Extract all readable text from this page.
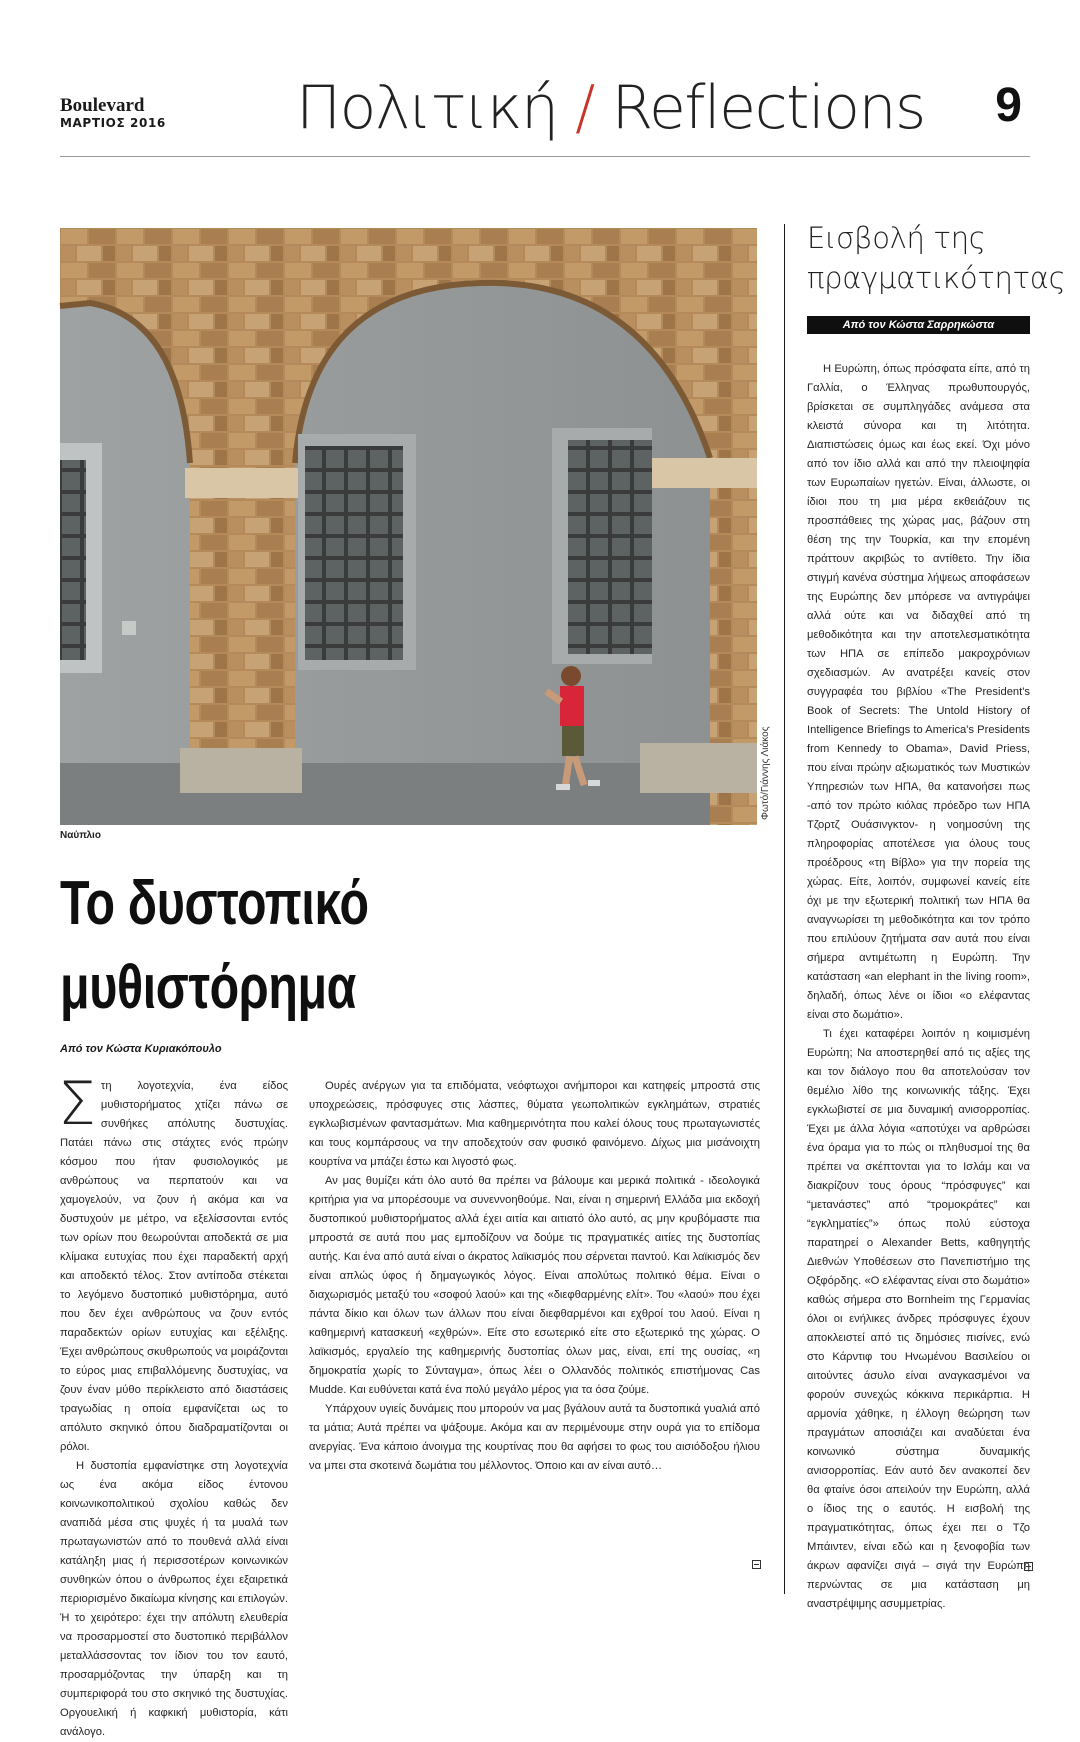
Boulevard
ΜΑΡΤΙΟΣ 2016 Πολιτική / Reflections 9
Φωτό/Γιάννης Λιάκος
Ναύπλιο
Το δυστοπικό
μυθιστόρημα
Από τον Κώστα Κυριακόπουλο

Στη λογοτεχνία, ένα είδος μυθιστορήματος χτίζει πάνω σε συνθήκες απόλυτης δυστυχίας. Πατάει πάνω στις στάχτες ενός πρώην κόσμου που ήταν φυσιολογικός με ανθρώπους να περπατούν και να χαμογελούν, να ζουν ή ακόμα και να δυστυχούν με μέτρο, να εξελίσσονται εντός των ορίων που θεωρούνται αποδεκτά σε μια κλίμακα ευτυχίας που έχει παραδεκτή αρχή και αποδεκτό τέλος. Στον αντίποδα στέκεται το λεγόμενο δυστοπικό μυθιστόρημα, αυτό που δεν έχει ανθρώπους να ζουν εντός παραδεκτών ορίων ευτυχίας και εξέλιξης. Έχει ανθρώπους σκυθρωπούς να μοιράζονται το εύρος μιας επιβαλλόμενης δυστυχίας, να ζουν έναν μύθο περίκλειστο από διαστάσεις τραγωδίας η οποία εμφανίζεται ως το απόλυτο σκηνικό όπου διαδραματίζονται οι ρόλοι.

Η δυστοπία εμφανίστηκε στη λογοτεχνία ως ένα ακόμα είδος έντονου κοινωνικοπολιτικού σχολίου καθώς δεν αναπιδά μέσα στις ψυχές ή τα μυαλά των πρωταγωνιστών από το πουθενά αλλά είναι κατάληξη μιας ή περισσοτέρων κοινωνικών συνθηκών όπου ο άνθρωπος έχει εξαιρετικά περιορισμένο δικαίωμα κίνησης και επιλογών. Ή το χειρότερο: έχει την απόλυτη ελευθερία να προσαρμοστεί στο δυστοπικό περιβάλλον μεταλλάσσοντας τον ίδιον του τον εαυτό, προσαρμόζοντας την ύπαρξη και τη συμπεριφορά του στο σκηνικό της δυστυχίας. Οργουελική ή καφκική μυθιστορία, κάτι ανάλογο.

Ουρές ανέργων για τα επιδόματα, νεόφτωχοι ανήμποροι και κατηφείς μπροστά στις υποχρεώσεις, πρόσφυγες στις λάσπες, θύματα γεωπολιτικών εγκλημάτων, στρατιές εγκλωβισμένων φαντασμάτων. Μια καθημερινότητα που καλεί όλους τους πρωταγωνιστές και τους κομπάρσους να την αποδεχτούν σαν φυσικό φαινόμενο. Δίχως μια μισάνοιχτη κουρτίνα να μπάζει έστω και λιγοστό φως.

Αν μας θυμίζει κάτι όλο αυτό θα πρέπει να βάλουμε και μερικά πολιτικά - ιδεολογικά κριτήρια για να μπορέσουμε να συνεννοηθούμε. Ναι, είναι η σημερινή Ελλάδα μια εκδοχή δυστοπικού μυθιστορήματος αλλά έχει αιτία και αιτιατό όλο αυτό, ας μην κρυβόμαστε πια μπροστά σε αυτά που μας εμποδίζουν να δούμε τις πραγματικές αιτίες της δυστοπίας αυτής. Και ένα από αυτά είναι ο άκρατος λαϊκισμός που σέρνεται παντού. Και λαϊκισμός δεν είναι απλώς ύφος ή δημαγωγικός λόγος. Είναι απολύτως πολιτικό θέμα. Είναι ο διαχωρισμός μεταξύ του «σοφού λαού» και της «διεφθαρμένης ελίτ». Του «λαού» που έχει πάντα δίκιο και όλων των άλλων που είναι διεφθαρμένοι και εχθροί του λαού. Είναι η καθημερινή κατασκευή «εχθρών». Είτε στο εσωτερικό είτε στο εξωτερικό της χώρας. Ο λαϊκισμός, εργαλείο της καθημερινής δυστοπίας όλων μας, είναι, επί της ουσίας, «η δημοκρατία χωρίς το Σύνταγμα», όπως λέει ο Ολλανδός πολιτικός επιστήμονας Cas Mudde. Και ευθύνεται κατά ένα πολύ μεγάλο μέρος για τα όσα ζούμε.

Υπάρχουν υγιείς δυνάμεις που μπορούν να μας βγάλουν αυτά τα δυστοπικά γυαλιά από τα μάτια; Αυτά πρέπει να ψάξουμε. Ακόμα και αν περιμένουμε στην ουρά για το επίδομα ανεργίας. Ένα κάποιο άνοιγμα της κουρτίνας που θα αφήσει το φως του αισιόδοξου ήλιου να μπει στα σκοτεινά δωμάτια του μέλλοντος. Όποιο και αν είναι αυτό…

Εισβολή της πραγματικότητας
Από τον Κώστα Σαρρηκώστα

Η Ευρώπη, όπως πρόσφατα είπε, από τη Γαλλία, ο Έλληνας πρωθυπουργός, βρίσκεται σε συμπληγάδες ανάμεσα στα κλειστά σύνορα και τη λιτότητα. Διαπιστώσεις όμως και έως εκεί. Όχι μόνο από τον ίδιο αλλά και από την πλειοψηφία των Ευρωπαίων ηγετών. Είναι, άλλωστε, οι ίδιοι που τη μια μέρα εκθειάζουν τις προσπάθειες της χώρας μας, βάζουν στη θέση της την Τουρκία, και την επομένη πράττουν ακριβώς το αντίθετο. Την ίδια στιγμή κανένα σύστημα λήψεως αποφάσεων της Ευρώπης δεν μπόρεσε να αντιγράψει αλλά ούτε και να διδαχθεί από τη μεθοδικότητα και την αποτελεσματικότητα των ΗΠΑ σε επίπεδο μακροχρόνιων σχεδιασμών. Αν ανατρέξει κανείς στον συγγραφέα του βιβλίου «The President's Book of Secrets: The Untold History of Intelligence Briefings to America's Presidents from Kennedy to Obama», David Priess, που είναι πρώην αξιωματικός των Μυστικών Υπηρεσιών των ΗΠΑ, θα κατανοήσει πως -από τον πρώτο κιόλας πρόεδρο των ΗΠΑ Τζορτζ Ουάσινγκτον- η νοημοσύνη της πληροφορίας αποτέλεσε για όλους τους προέδρους «τη Βίβλο» για την πορεία της χώρας. Είτε, λοιπόν, συμφωνεί κανείς είτε όχι με την εξωτερική πολιτική των ΗΠΑ θα αναγνωρίσει τη μεθοδικότητα και τον τρόπο που επιλύουν ζητήματα σαν αυτά που είναι σήμερα αντιμέτωπη η Ευρώπη. Την κατάσταση «an elephant in the living room», δηλαδή, όπως λένε οι ίδιοι «ο ελέφαντας είναι στο δωμάτιο».

Τι έχει καταφέρει λοιπόν η κοιμισμένη Ευρώπη; Να αποστερηθεί από τις αξίες της και τον διάλογο που θα αποτελούσαν τον θεμέλιο λίθο της κοινωνικής τάξης. Έχει εγκλωβιστεί σε μια δυναμική ανισορροπίας. Έχει με άλλα λόγια «αποτύχει να αρθρώσει ένα όραμα για το πώς οι πληθυσμοί της θα πρέπει να σκέπτονται για το Ισλάμ και να διακρίζουν τους όρους “πρόσφυγες” και “μετανάστες” από “τρομοκράτες” και “εγκληματίες”» όπως πολύ εύστοχα παρατηρεί ο Alexander Betts, καθηγητής Διεθνών Υποθέσεων στο Πανεπιστήμιο της Οξφόρδης. «Ο ελέφαντας είναι στο δωμάτιο» καθώς σήμερα στο Bornheim της Γερμανίας όλοι οι ενήλικες άνδρες πρόσφυγες έχουν αποκλειστεί από τις δημόσιες πισίνες, ενώ στο Κάρντιφ του Ηνωμένου Βασιλείου οι αιτούντες άσυλο είναι αναγκασμένοι να φορούν συνεχώς κόκκινα περικάρπια. Η αρμονία χάθηκε, η έλλογη θεώρηση των πραγμάτων αποσιάζει και αναδύεται ένα κοινωνικό σύστημα δυναμικής ανισορροπίας. Εάν αυτό δεν ανακοπεί δεν θα φταίνε όσοι απειλούν την Ευρώπη, αλλά ο ίδιος της ο εαυτός. Η εισβολή της πραγματικότητας, όπως έχει πει ο Τζο Μπάιντεν, είναι εδώ και η ξενοφοβία των άκρων αφανίζει σιγά – σιγά την Ευρώπη περνώντας σε μια κατάσταση μη αναστρέψιμης ασυμμετρίας.
